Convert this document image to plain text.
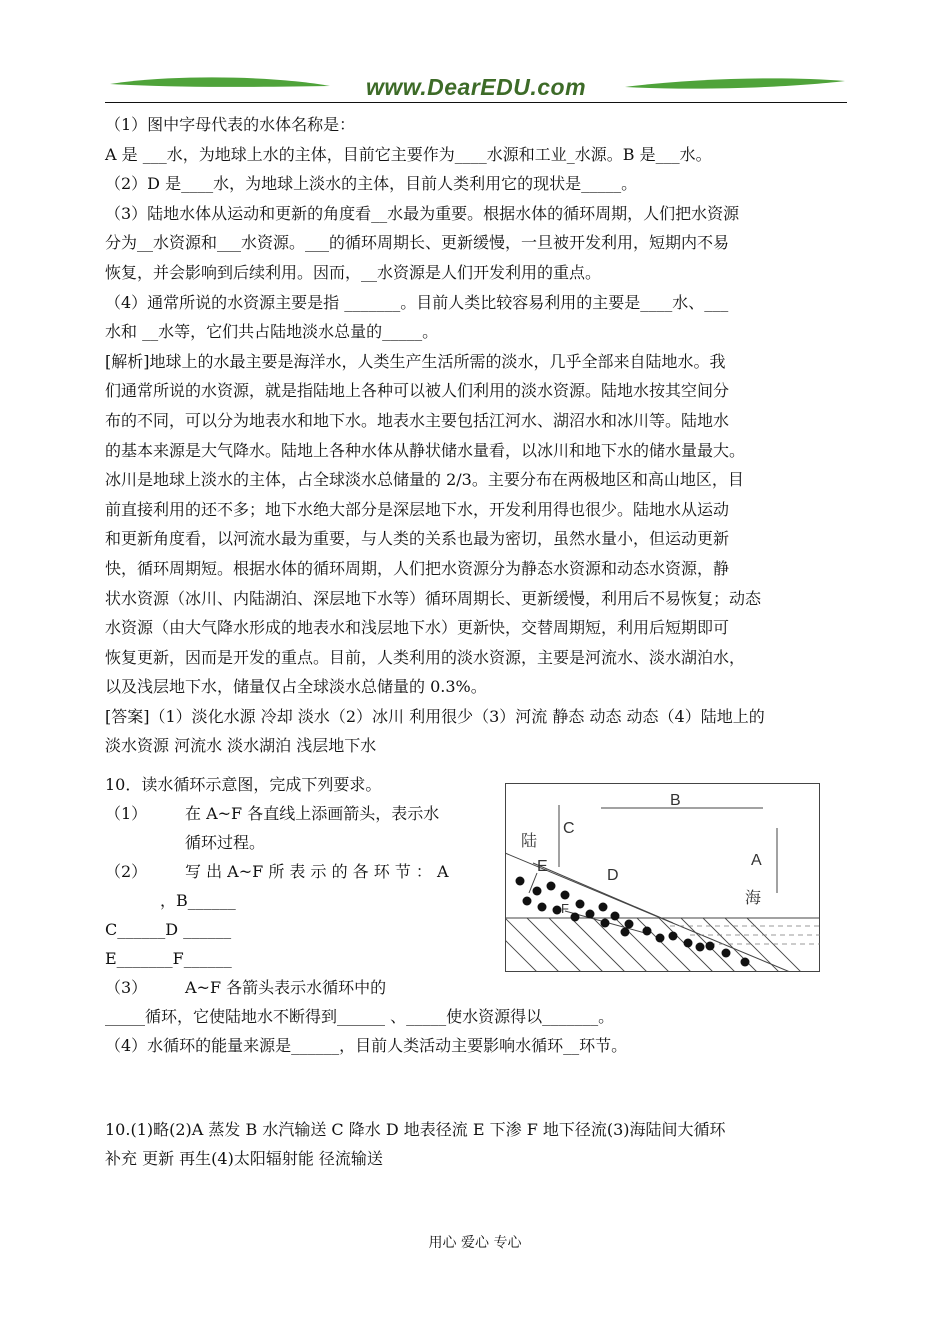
www.DearEDU.com
（1）图中字母代表的水体名称是：
A 是 ___水，为地球上水的主体，目前它主要作为____水源和工业_水源。B 是___水。
（2）D 是____水，为地球上淡水的主体，目前人类利用它的现状是_____。
（3）陆地水体从运动和更新的角度看__水最为重要。根据水体的循环周期，人们把水资源
分为__水资源和___水资源。___的循环周期长、更新缓慢，一旦被开发利用，短期内不易
恢复，并会影响到后续利用。因而，__水资源是人们开发利用的重点。
（4）通常所说的水资源主要是指 _______。目前人类比较容易利用的主要是____水、___
水和 __水等，它们共占陆地淡水总量的_____。
[解析]地球上的水最主要是海洋水，人类生产生活所需的淡水，几乎全部来自陆地水。我
们通常所说的水资源，就是指陆地上各种可以被人们利用的淡水资源。陆地水按其空间分
布的不同，可以分为地表水和地下水。地表水主要包括江河水、湖沼水和冰川等。陆地水
的基本来源是大气降水。陆地上各种水体从静状储水量看，以冰川和地下水的储水量最大。
冰川是地球上淡水的主体，占全球淡水总储量的 2/3。主要分布在两极地区和高山地区，目
前直接利用的还不多；地下水绝大部分是深层地下水，开发利用得也很少。陆地水从运动
和更新角度看，以河流水最为重要，与人类的关系也最为密切，虽然水量小，但运动更新
快，循环周期短。根据水体的循环周期，人们把水资源分为静态水资源和动态水资源，静
状水资源（冰川、内陆湖泊、深层地下水等）循环周期长、更新缓慢，利用后不易恢复；动态
水资源（由大气降水形成的地表水和浅层地下水）更新快，交替周期短，利用后短期即可
恢复更新，因而是开发的重点。目前，人类利用的淡水资源，主要是河流水、淡水湖泊水，
以及浅层地下水，储量仅占全球淡水总储量的 0.3%。
[答案]（1）淡化水源 冷却 淡水（2）冰川 利用很少（3）河流 静态 动态 动态（4）陆地上的
淡水资源 河流水 淡水湖泊 浅层地下水
10．读水循环示意图，完成下列要求。
（1） 在 A~F 各直线上添画箭头，表示水
循环过程。
（2） 写 出 A~F 所 表 示 的 各 环 节 ： A
，B______
C______D ______
E_______F______
（3） A~F 各箭头表示水循环中的
_____循环，它使陆地水不断得到______ 、_____使水资源得以_______。
（4）水循环的能量来源是______，目前人类活动主要影响水循环__环节。
B
C
A
D
E
F
陆
海
10.(1)略(2)A 蒸发 B 水汽输送 C 降水 D 地表径流 E 下渗 F 地下径流(3)海陆间大循环
补充 更新 再生(4)太阳辐射能 径流输送
用心 爱心 专心
